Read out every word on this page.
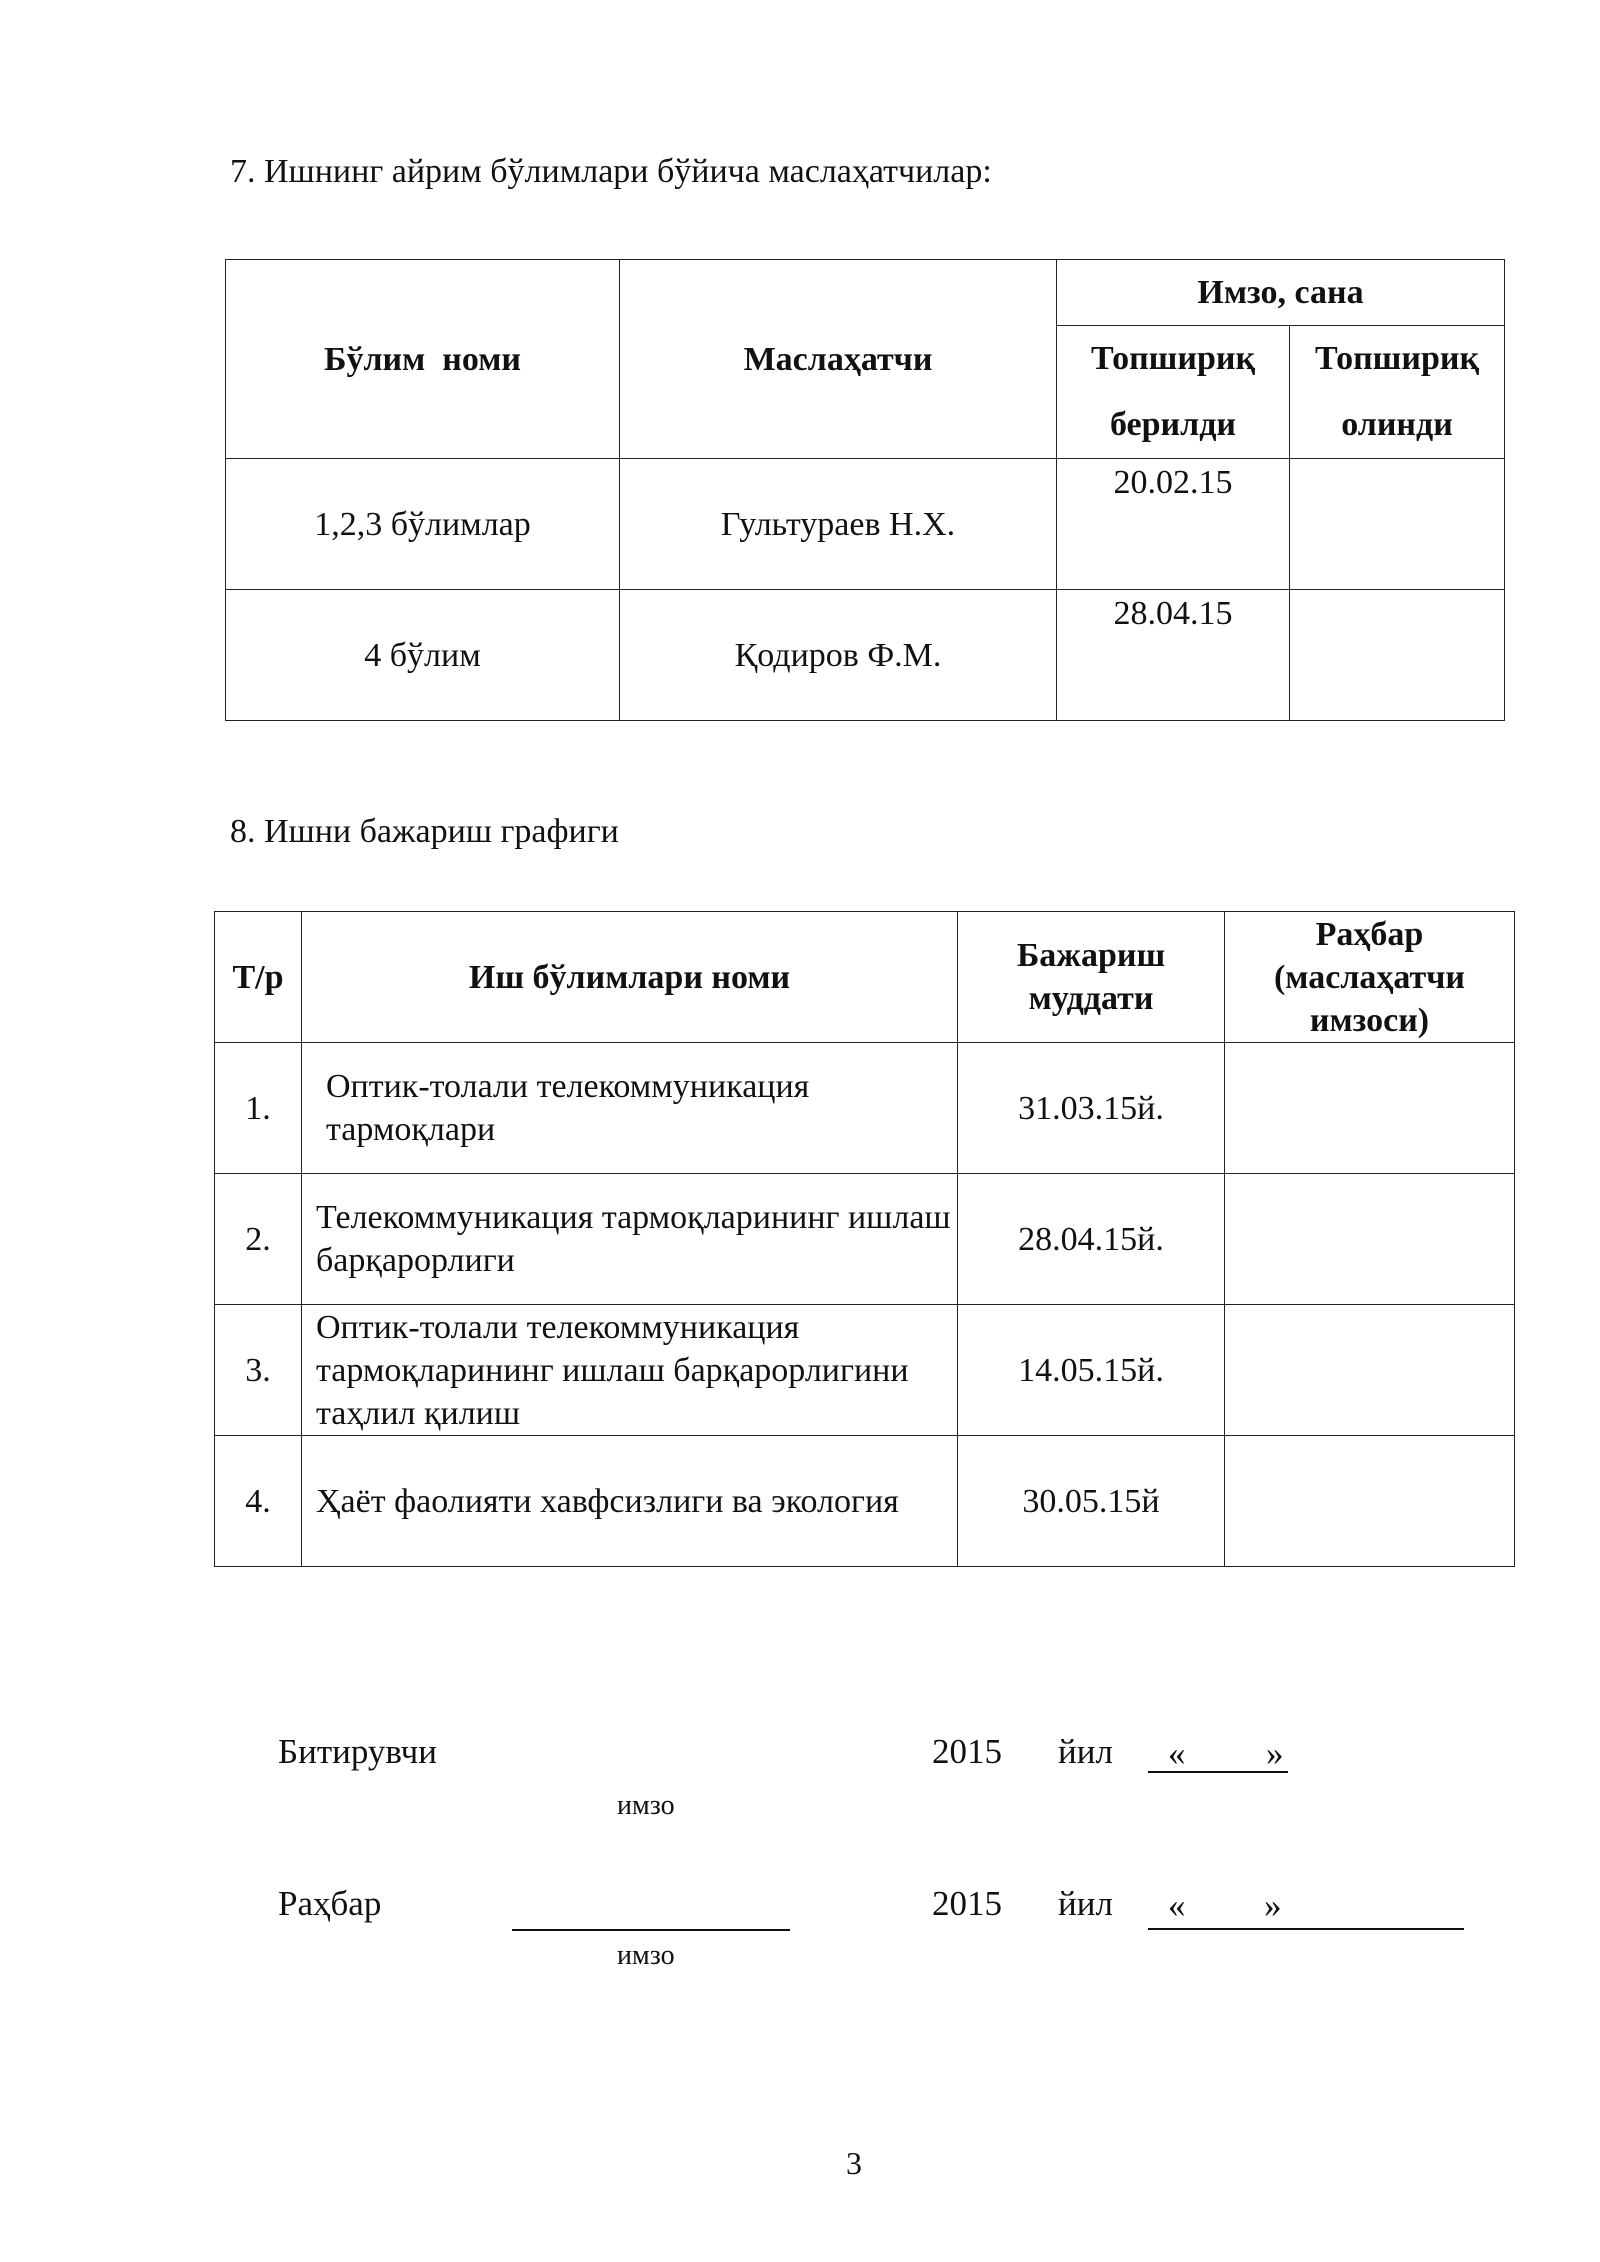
7. Ишнинг айрим бўлимлари бўйича маслаҳатчилар:
Бўлим  номи	Маслаҳатчи	Имзо, сана	
		Топшириқ берилди	Топшириқ олинди
1,2,3 бўлимлар	Гультураев Н.Х.	20.02.15	
4 бўлим	Қодиров Ф.М.	28.04.15	
8. Ишни бажариш графиги
Т/р	Иш бўлимлари номи	Бажариш муддати	Раҳбар (маслаҳатчи имзоси)
1.	Оптик-толали телекоммуникация тармоқлари	31.03.15й.	
2.	Телекоммуникация тармоқларининг ишлаш барқарорлиги	28.04.15й.	
3.	Оптик-толали телекоммуникация тармоқларининг ишлаш барқарорлигини таҳлил қилиш	14.05.15й.	
4.	Ҳаёт фаолияти хавфсизлиги ва экология	30.05.15й	
Битирувчи
имзо
2015 йил « »
Раҳбар
имзо
2015 йил « »
3
